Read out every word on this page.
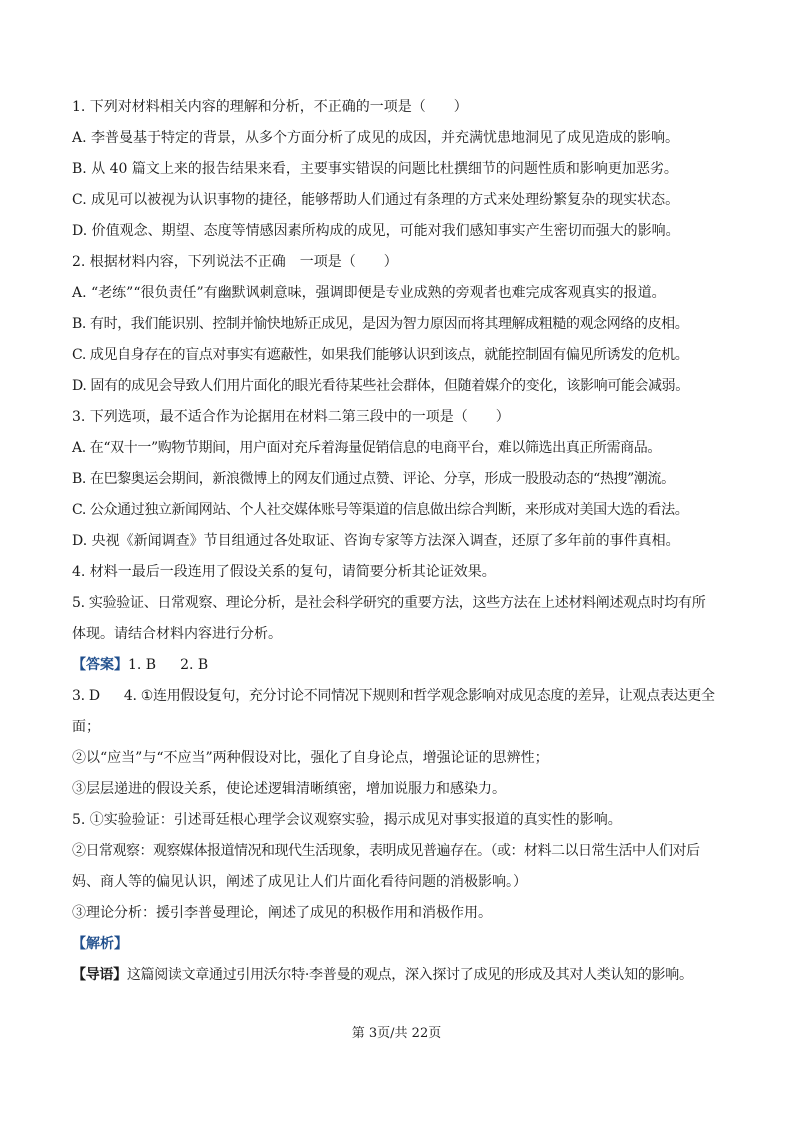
1. 下列对材料相关内容的理解和分析，不正确的一项是（　　）

A. 李普曼基于特定的背景，从多个方面分析了成见的成因，并充满忧患地洞见了成见造成的影响。

B. 从 40 篇文上来的报告结果来看，主要事实错误的问题比杜撰细节的问题性质和影响更加恶劣。

C. 成见可以被视为认识事物的捷径，能够帮助人们通过有条理的方式来处理纷繁复杂的现实状态。

D. 价值观念、期望、态度等情感因素所构成的成见，可能对我们感知事实产生密切而强大的影响。

2. 根据材料内容，下列说法不正确　一项是（　　）

A. “老练”“很负责任”有幽默讽刺意味，强调即便是专业成熟的旁观者也难完成客观真实的报道。

B. 有时，我们能识别、控制并愉快地矫正成见，是因为智力原因而将其理解成粗糙的观念网络的皮相。

C. 成见自身存在的盲点对事实有遮蔽性，如果我们能够认识到该点，就能控制固有偏见所诱发的危机。

D. 固有的成见会导致人们用片面化的眼光看待某些社会群体，但随着媒介的变化，该影响可能会减弱。

3. 下列选项，最不适合作为论据用在材料二第三段中的一项是（　　）

A. 在“双十一”购物节期间，用户面对充斥着海量促销信息的电商平台，难以筛选出真正所需商品。

B. 在巴黎奥运会期间，新浪微博上的网友们通过点赞、评论、分享，形成一股股动态的“热搜”潮流。

C. 公众通过独立新闻网站、个人社交媒体账号等渠道的信息做出综合判断，来形成对美国大选的看法。

D. 央视《新闻调查》节目组通过各处取证、咨询专家等方法深入调查，还原了多年前的事件真相。

4. 材料一最后一段连用了假设关系的复句，请简要分析其论证效果。

5. 实验验证、日常观察、理论分析，是社会科学研究的重要方法，这些方法在上述材料阐述观点时均有所

体现。请结合材料内容进行分析。

【答案】1. B 2. B

3. D 4. ①连用假设复句，充分讨论不同情况下规则和哲学观念影响对成见态度的差异，让观点表达更全

面；

②以“应当”与“不应当”两种假设对比，强化了自身论点，增强论证的思辨性；

③层层递进的假设关系，使论述逻辑清晰缜密，增加说服力和感染力。

5. ①实验验证：引述哥廷根心理学会议观察实验，揭示成见对事实报道的真实性的影响。

②日常观察：观察媒体报道情况和现代生活现象，表明成见普遍存在。（或：材料二以日常生活中人们对后

妈、商人等的偏见认识，阐述了成见让人们片面化看待问题的消极影响。）

③理论分析：援引李普曼理论，阐述了成见的积极作用和消极作用。

【解析】

【导语】这篇阅读文章通过引用沃尔特·李普曼的观点，深入探讨了成见的形成及其对人类认知的影响。

第 3页/共 22页
